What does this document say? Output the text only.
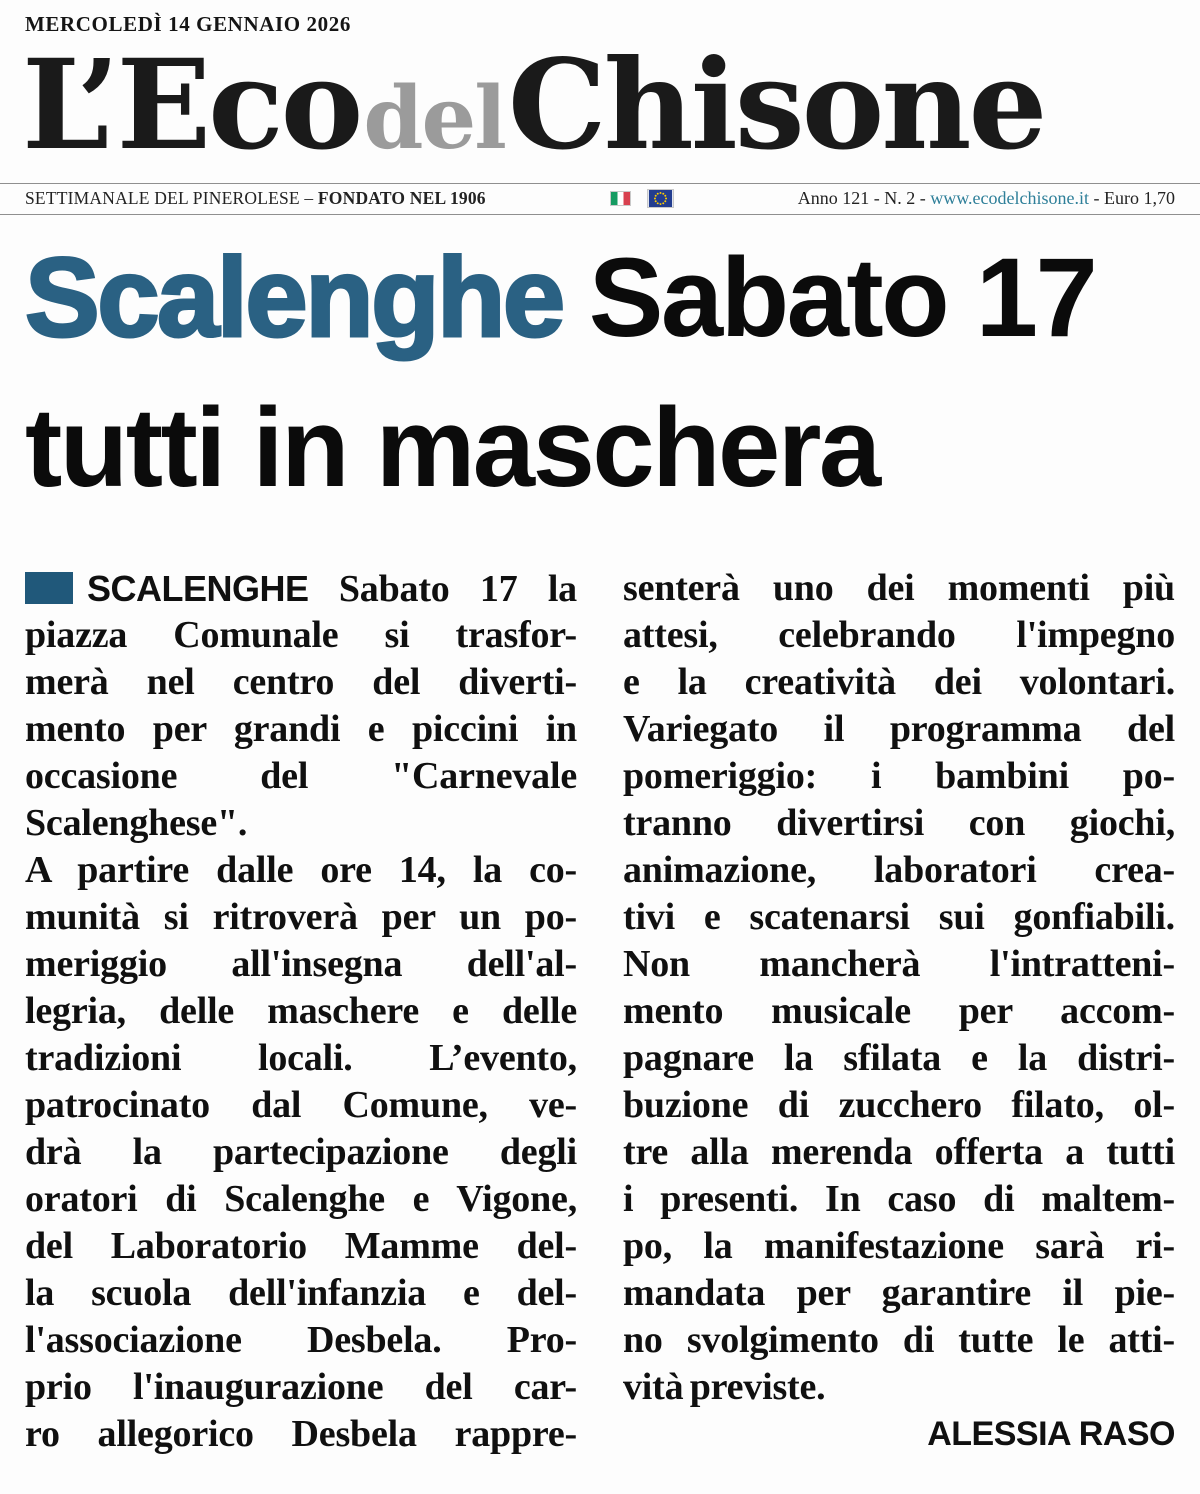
MERCOLEDÌ 14 GENNAIO 2026
L’EcodelChisone
SETTIMANALE DEL PINEROLESE – FONDATO NEL 1906	Anno 121 - N. 2 - www.ecodelchisone.it - Euro 1,70
Scalenghe Sabato 17
tutti in maschera
SCALENGHE Sabato 17 la
piazza Comunale si trasfor-
merà nel centro del diverti-
mento per grandi e piccini in
occasione del "Carnevale
Scalenghese".
A partire dalle ore 14, la co-
munità si ritroverà per un po-
meriggio all'insegna dell'al-
legria, delle maschere e delle
tradizioni locali. L’evento,
patrocinato dal Comune, ve-
drà la partecipazione degli
oratori di Scalenghe e Vigone,
del Laboratorio Mamme del-
la scuola dell'infanzia e del-
l'associazione Desbela. Pro-
prio l'inaugurazione del car-
ro allegorico Desbela rappre-
senterà uno dei momenti più
attesi, celebrando l'impegno
e la creatività dei volontari.
Variegato il programma del
pomeriggio: i bambini po-
tranno divertirsi con giochi,
animazione, laboratori crea-
tivi e scatenarsi sui gonfiabili.
Non mancherà l'intratteni-
mento musicale per accom-
pagnare la sfilata e la distri-
buzione di zucchero filato, ol-
tre alla merenda offerta a tutti
i presenti. In caso di maltem-
po, la manifestazione sarà ri-
mandata per garantire il pie-
no svolgimento di tutte le atti-
vità previste.
ALESSIA RASO
